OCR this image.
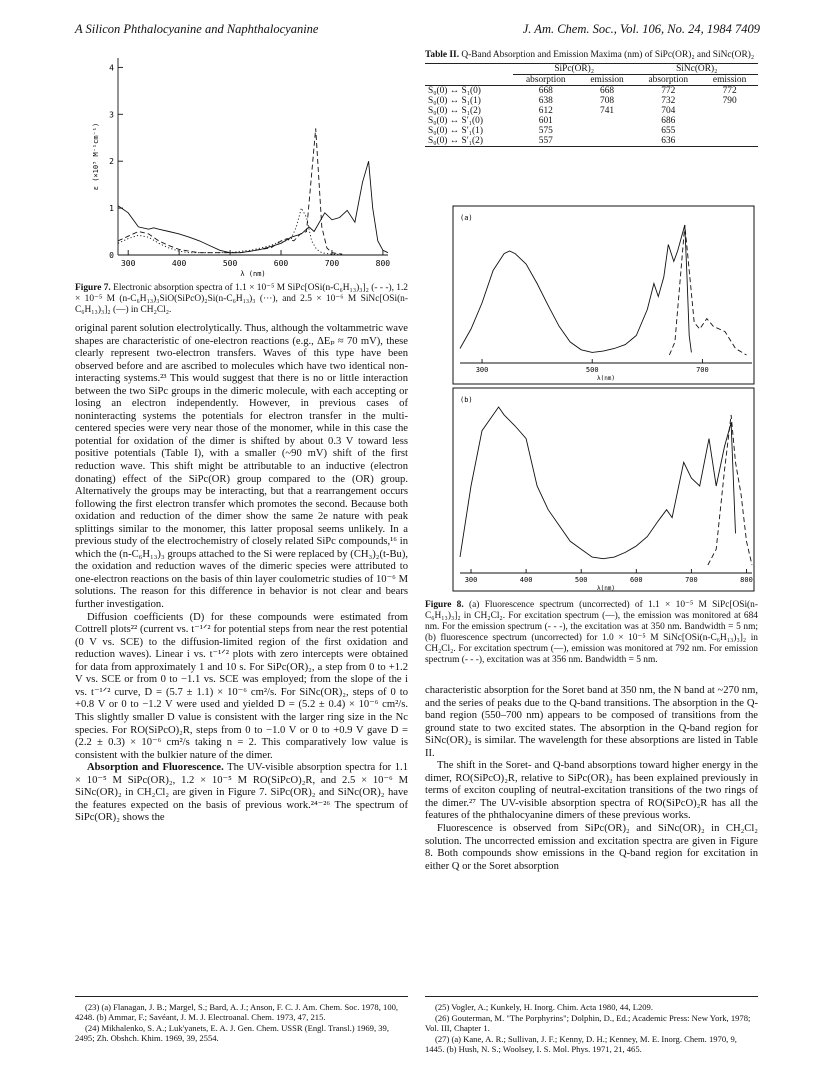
A Silicon Phthalocyanine and Naphthalocyanine	J. Am. Chem. Soc., Vol. 106, No. 24, 1984 7409
0
1
2
3
4
300	400	500	600	700	800
λ (nm)
ε (×10⁵ M⁻¹cm⁻¹)
Figure 7. Electronic absorption spectra of 1.1 × 10⁻⁵ M SiPc[OSi(n-C₆H₁₃)₃]₂ (- - -), 1.2 × 10⁻⁵ M (n-C₆H₁₃)₃SiO(SiPcO)₂Si(n-C₆H₁₃)₃ (···), and 2.5 × 10⁻⁶ M SiNc[OSi(n-C₆H₁₃)₃]₂ (—) in CH₂Cl₂.

original parent solution electrolytically. Thus, although the voltammetric wave shapes are characteristic of one-electron reactions (e.g., ΔEₚ ≈ 70 mV), these clearly represent two-electron transfers. Waves of this type have been observed before and are ascribed to molecules which have two identical non-interacting systems.²³ This would suggest that there is no or little interaction between the two SiPc groups in the dimeric molecule, with each accepting or losing an electron independently. However, in previous cases of noninteracting systems the potentials for electron transfer in the multi-centered species were very near those of the monomer, while in this case the potential for oxidation of the dimer is shifted by about 0.3 V toward less positive potentials (Table I), with a smaller (~90 mV) shift of the first reduction wave. This shift might be attributable to an inductive (electron donating) effect of the SiPc(OR) group compared to the (OR) group. Alternatively the groups may be interacting, but that a rearrangement occurs following the first electron transfer which promotes the second. Because both oxidation and reduction of the dimer show the same 2e nature with peak splittings similar to the monomer, this latter proposal seems unlikely. In a previous study of the electrochemistry of closely related SiPc compounds,¹⁶ in which the (n-C₆H₁₃)₃ groups attached to the Si were replaced by (CH₃)₂(t-Bu), the oxidation and reduction waves of the dimeric species were attributed to one-electron reactions on the basis of thin layer coulometric studies of 10⁻⁶ M solutions. The reason for this difference in behavior is not clear and bears further investigation.

Diffusion coefficients (D) for these compounds were estimated from Cottrell plots²² (current vs. t⁻¹ᐟ² for potential steps from near the rest potential (0 V vs. SCE) to the diffusion-limited region of the first oxidation and reduction waves). Linear i vs. t⁻¹ᐟ² plots with zero intercepts were obtained for data from approximately 1 and 10 s. For SiPc(OR)₂, a step from 0 to +1.2 V vs. SCE or from 0 to −1.1 vs. SCE was employed; from the slope of the i vs. t⁻¹ᐟ² curve, D = (5.7 ± 1.1) × 10⁻⁶ cm²/s. For SiNc(OR)₂, steps of 0 to +0.8 V or 0 to −1.2 V were used and yielded D = (5.2 ± 0.4) × 10⁻⁶ cm²/s. This slightly smaller D value is consistent with the larger ring size in the Nc species. For RO(SiPcO)₂R, steps from 0 to −1.0 V or 0 to +0.9 V gave D = (2.2 ± 0.3) × 10⁻⁶ cm²/s taking n = 2. This comparatively low value is consistent with the bulkier nature of the dimer.

Absorption and Fluorescence. The UV-visible absorption spectra for 1.1 × 10⁻⁵ M SiPc(OR)₂, 1.2 × 10⁻⁵ M RO(SiPcO)₂R, and 2.5 × 10⁻⁶ M SiNc(OR)₂ in CH₂Cl₂ are given in Figure 7. SiPc(OR)₂ and SiNc(OR)₂ have the features expected on the basis of previous work.²⁴⁻²⁶ The spectrum of SiPc(OR)₂ shows the

(23) (a) Flanagan, J. B.; Margel, S.; Bard, A. J.; Anson, F. C. J. Am. Chem. Soc. 1978, 100, 4248. (b) Ammar, F.; Savéant, J. M. J. Electroanal. Chem. 1973, 47, 215.

(24) Mikhalenko, S. A.; Luk'yanets, E. A. J. Gen. Chem. USSR (Engl. Transl.) 1969, 39, 2495; Zh. Obshch. Khim. 1969, 39, 2554.

Table II. Q-Band Absorption and Emission Maxima (nm) of SiPc(OR)₂ and SiNc(OR)₂
	SiPc(OR)₂		SiNc(OR)₂	
	absorption	emission	absorption	emission
S₀(0) ↔ S₁(0)	668	668	772	772
S₀(0) ↔ S₁(1)	638	708	732	790
S₀(0) ↔ S₁(2)	612	741	704	
S₀(0) ↔ S′₁(0)	601		686	
S₀(0) ↔ S′₁(1)	575		655	
S₀(0) ↔ S′₁(2)	557		636	
(a)
300	500	700
λ(nm)
(b)
300	400	500	600	700	800
λ(nm)
Figure 8. (a) Fluorescence spectrum (uncorrected) of 1.1 × 10⁻⁵ M SiPc[OSi(n-C₆H₁₃)₃]₂ in CH₂Cl₂. For excitation spectrum (—), the emission was monitored at 684 nm. For the emission spectrum (- - -), the excitation was at 350 nm. Bandwidth = 5 nm; (b) fluorescence spectrum (uncorrected) for 1.0 × 10⁻⁵ M SiNc[OSi(n-C₆H₁₃)₃]₂ in CH₂Cl₂. For excitation spectrum (—), emission was monitored at 792 nm. For emission spectrum (- - -), excitation was at 356 nm. Bandwidth = 5 nm.

characteristic absorption for the Soret band at 350 nm, the N band at ~270 nm, and the series of peaks due to the Q-band transitions. The absorption in the Q-band region (550–700 nm) appears to be composed of transitions from the ground state to two excited states. The absorption in the Q-band region for SiNc(OR)₂ is similar. The wavelength for these absorptions are listed in Table II.

The shift in the Soret- and Q-band absorptions toward higher energy in the dimer, RO(SiPcO)₂R, relative to SiPc(OR)₂ has been explained previously in terms of exciton coupling of neutral-excitation transitions of the two rings of the dimer.²⁷ The UV-visible absorption spectra of RO(SiPcO)₂R has all the features of the phthalocyanine dimers of these previous works.

Fluorescence is observed from SiPc(OR)₂ and SiNc(OR)₂ in CH₂Cl₂ solution. The uncorrected emission and excitation spectra are given in Figure 8. Both compounds show emissions in the Q-band region for excitation in either Q or the Soret absorption

(25) Vogler, A.; Kunkely, H. Inorg. Chim. Acta 1980, 44, L209.

(26) Gouterman, M. "The Porphyrins"; Dolphin, D., Ed.; Academic Press: New York, 1978; Vol. III, Chapter 1.

(27) (a) Kane, A. R.; Sullivan, J. F.; Kenny, D. H.; Kenney, M. E. Inorg. Chem. 1970, 9, 1445. (b) Hush, N. S.; Woolsey, I. S. Mol. Phys. 1971, 21, 465.
